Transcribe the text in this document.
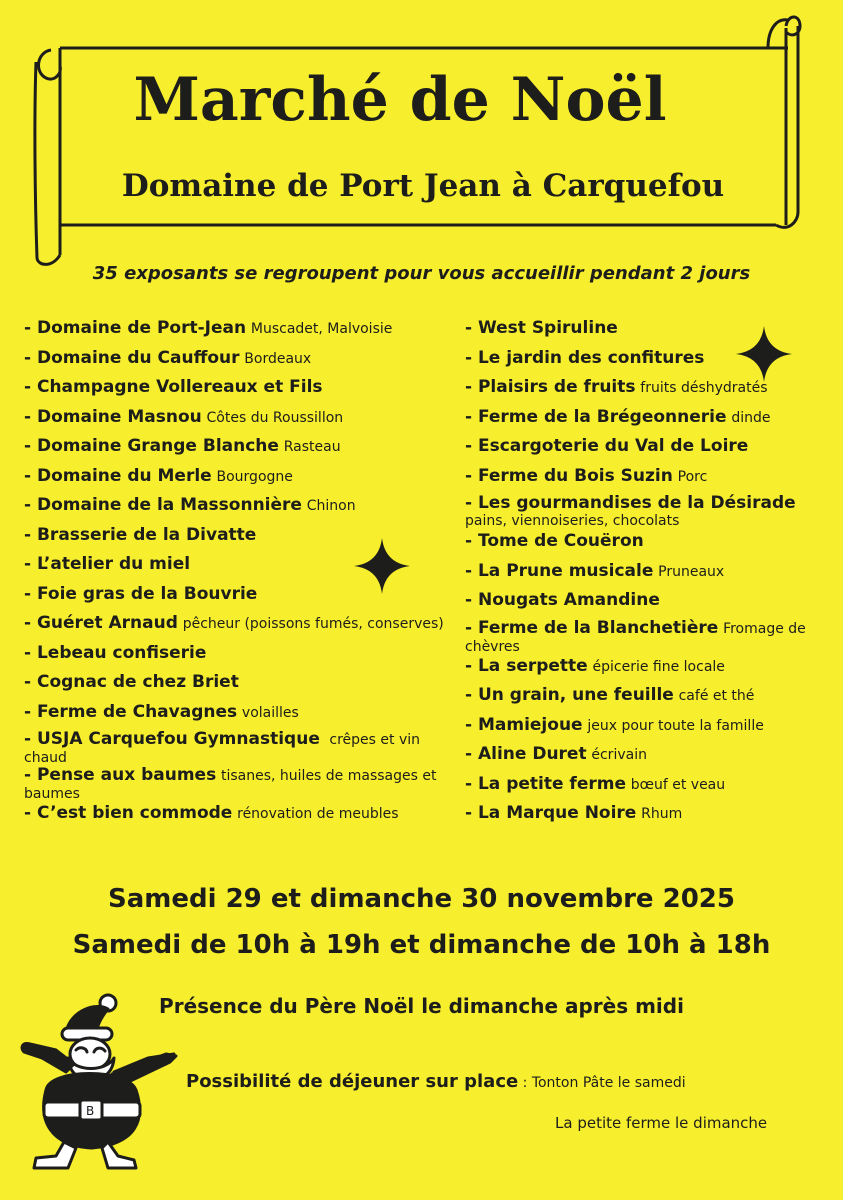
Marché de Noël
Domaine de Port Jean à Carquefou
35 exposants se regroupent pour vous accueillir pendant 2 jours
- Domaine de Port-Jean Muscadet, Malvoisie
- Domaine du Cauffour Bordeaux
- Champagne Vollereaux et Fils
- Domaine Masnou Côtes du Roussillon
- Domaine Grange Blanche Rasteau
- Domaine du Merle Bourgogne
- Domaine de la Massonnière Chinon
- Brasserie de la Divatte
- L’atelier du miel
- Foie gras de la Bouvrie
- Guéret Arnaud pêcheur (poissons fumés, conserves)
- Lebeau confiserie
- Cognac de chez Briet
- Ferme de Chavagnes volailles
- USJA Carquefou Gymnastique crêpes et vin chaud
- Pense aux baumes tisanes, huiles de massages et baumes
- C’est bien commode rénovation de meubles
- West Spiruline
- Le jardin des confitures
- Plaisirs de fruits fruits déshydratés
- Ferme de la Brégeonnerie dinde
- Escargoterie du Val de Loire
- Ferme du Bois Suzin Porc
- Les gourmandises de la Désirade
pains, viennoiseries, chocolats
- Tome de Couëron
- La Prune musicale Pruneaux
- Nougats Amandine
- Ferme de la Blanchetière Fromage de chèvres
- La serpette épicerie fine locale
- Un grain, une feuille café et thé
- Mamiejoue jeux pour toute la famille
- Aline Duret écrivain
- La petite ferme bœuf et veau
- La Marque Noire Rhum
Samedi 29 et dimanche 30 novembre 2025
Samedi de 10h à 19h et dimanche de 10h à 18h
Présence du Père Noël le dimanche après midi
B
Possibilité de déjeuner sur place : Tonton Pâte le samedi
La petite ferme le dimanche
